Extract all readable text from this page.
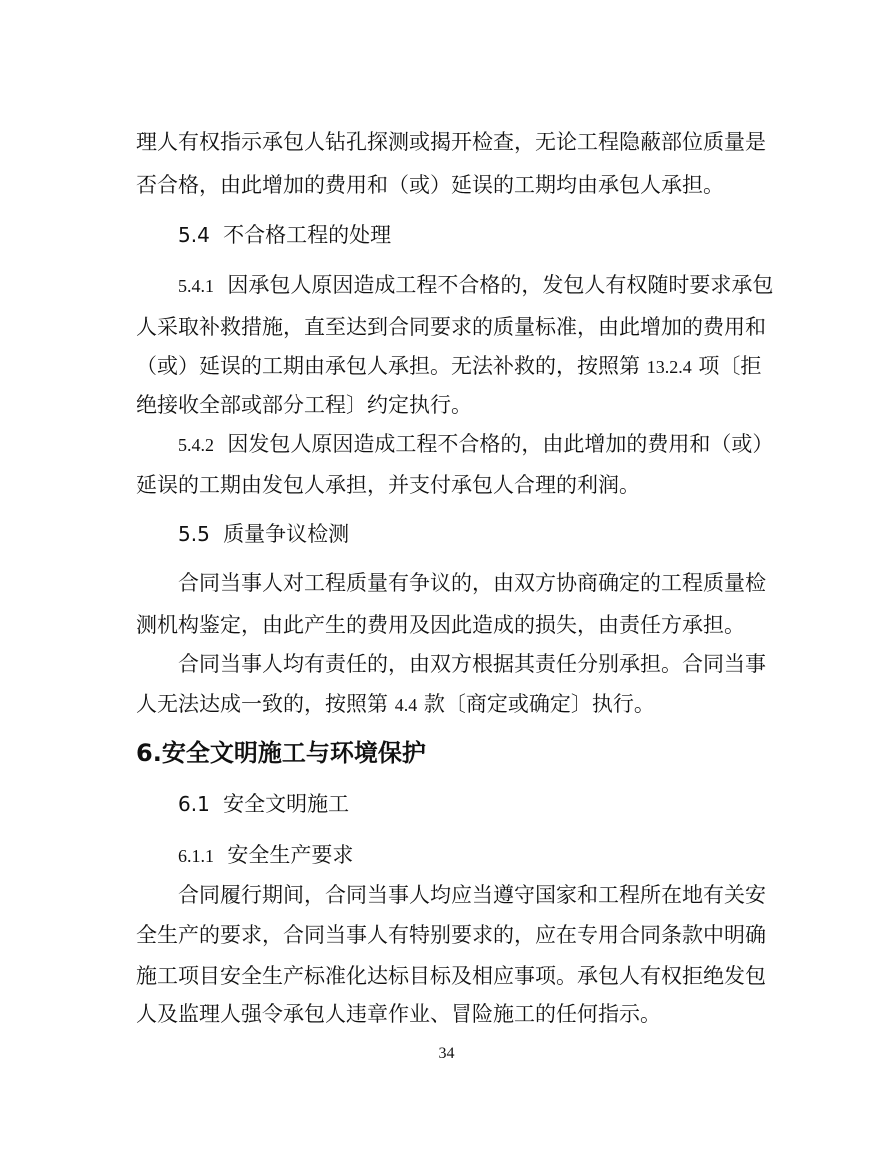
理人有权指示承包人钻孔探测或揭开检查，无论工程隐蔽部位质量是
否合格，由此增加的费用和（或）延误的工期均由承包人承担。
5.4 不合格工程的处理
5.4.1 因承包人原因造成工程不合格的，发包人有权随时要求承包
人采取补救措施，直至达到合同要求的质量标准，由此增加的费用和
（或）延误的工期由承包人承担。无法补救的，按照第 13.2.4 项〔拒
绝接收全部或部分工程〕约定执行。
5.4.2 因发包人原因造成工程不合格的，由此增加的费用和（或）
延误的工期由发包人承担，并支付承包人合理的利润。
5.5 质量争议检测
合同当事人对工程质量有争议的，由双方协商确定的工程质量检
测机构鉴定，由此产生的费用及因此造成的损失，由责任方承担。
合同当事人均有责任的，由双方根据其责任分别承担。合同当事
人无法达成一致的，按照第 4.4 款〔商定或确定〕执行。
6.安全文明施工与环境保护
6.1 安全文明施工
6.1.1 安全生产要求
合同履行期间，合同当事人均应当遵守国家和工程所在地有关安
全生产的要求，合同当事人有特别要求的，应在专用合同条款中明确
施工项目安全生产标准化达标目标及相应事项。承包人有权拒绝发包
人及监理人强令承包人违章作业、冒险施工的任何指示。
34
